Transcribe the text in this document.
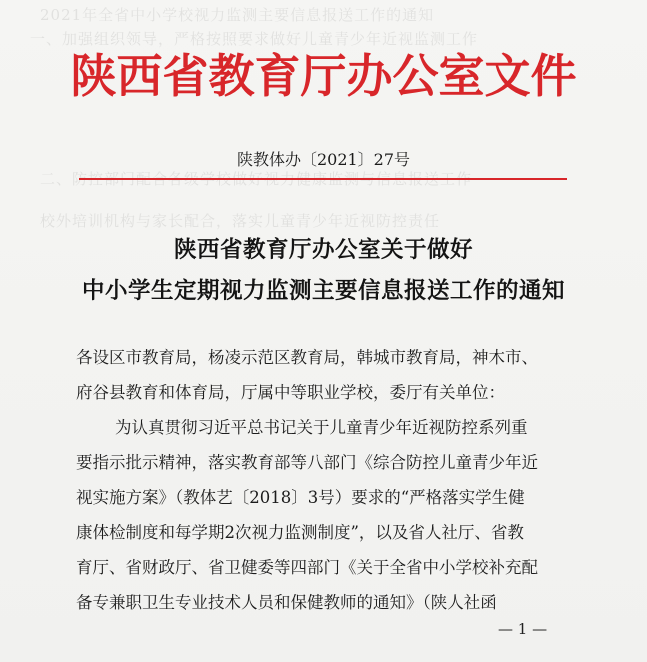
2021年全省中小学校视力监测主要信息报送工作的通知
一、加强组织领导，严格按照要求做好儿童青少年近视监测工作
二、防控部门配合各级学校做好视力健康监测与信息报送工作
校外培训机构与家长配合，落实儿童青少年近视防控责任
陕西省教育厅办公室文件
陕教体办〔2021〕27号
陕西省教育厅办公室关于做好
中小学生定期视力监测主要信息报送工作的通知
各设区市教育局，杨凌示范区教育局，韩城市教育局，神木市、
府谷县教育和体育局，厅属中等职业学校，委厅有关单位：
为认真贯彻习近平总书记关于儿童青少年近视防控系列重
要指示批示精神，落实教育部等八部门《综合防控儿童青少年近
视实施方案》（教体艺〔2018〕3号）要求的“严格落实学生健
康体检制度和每学期2次视力监测制度”，以及省人社厅、省教
育厅、省财政厅、省卫健委等四部门《关于全省中小学校补充配
备专兼职卫生专业技术人员和保健教师的通知》（陕人社函
— 1 —
